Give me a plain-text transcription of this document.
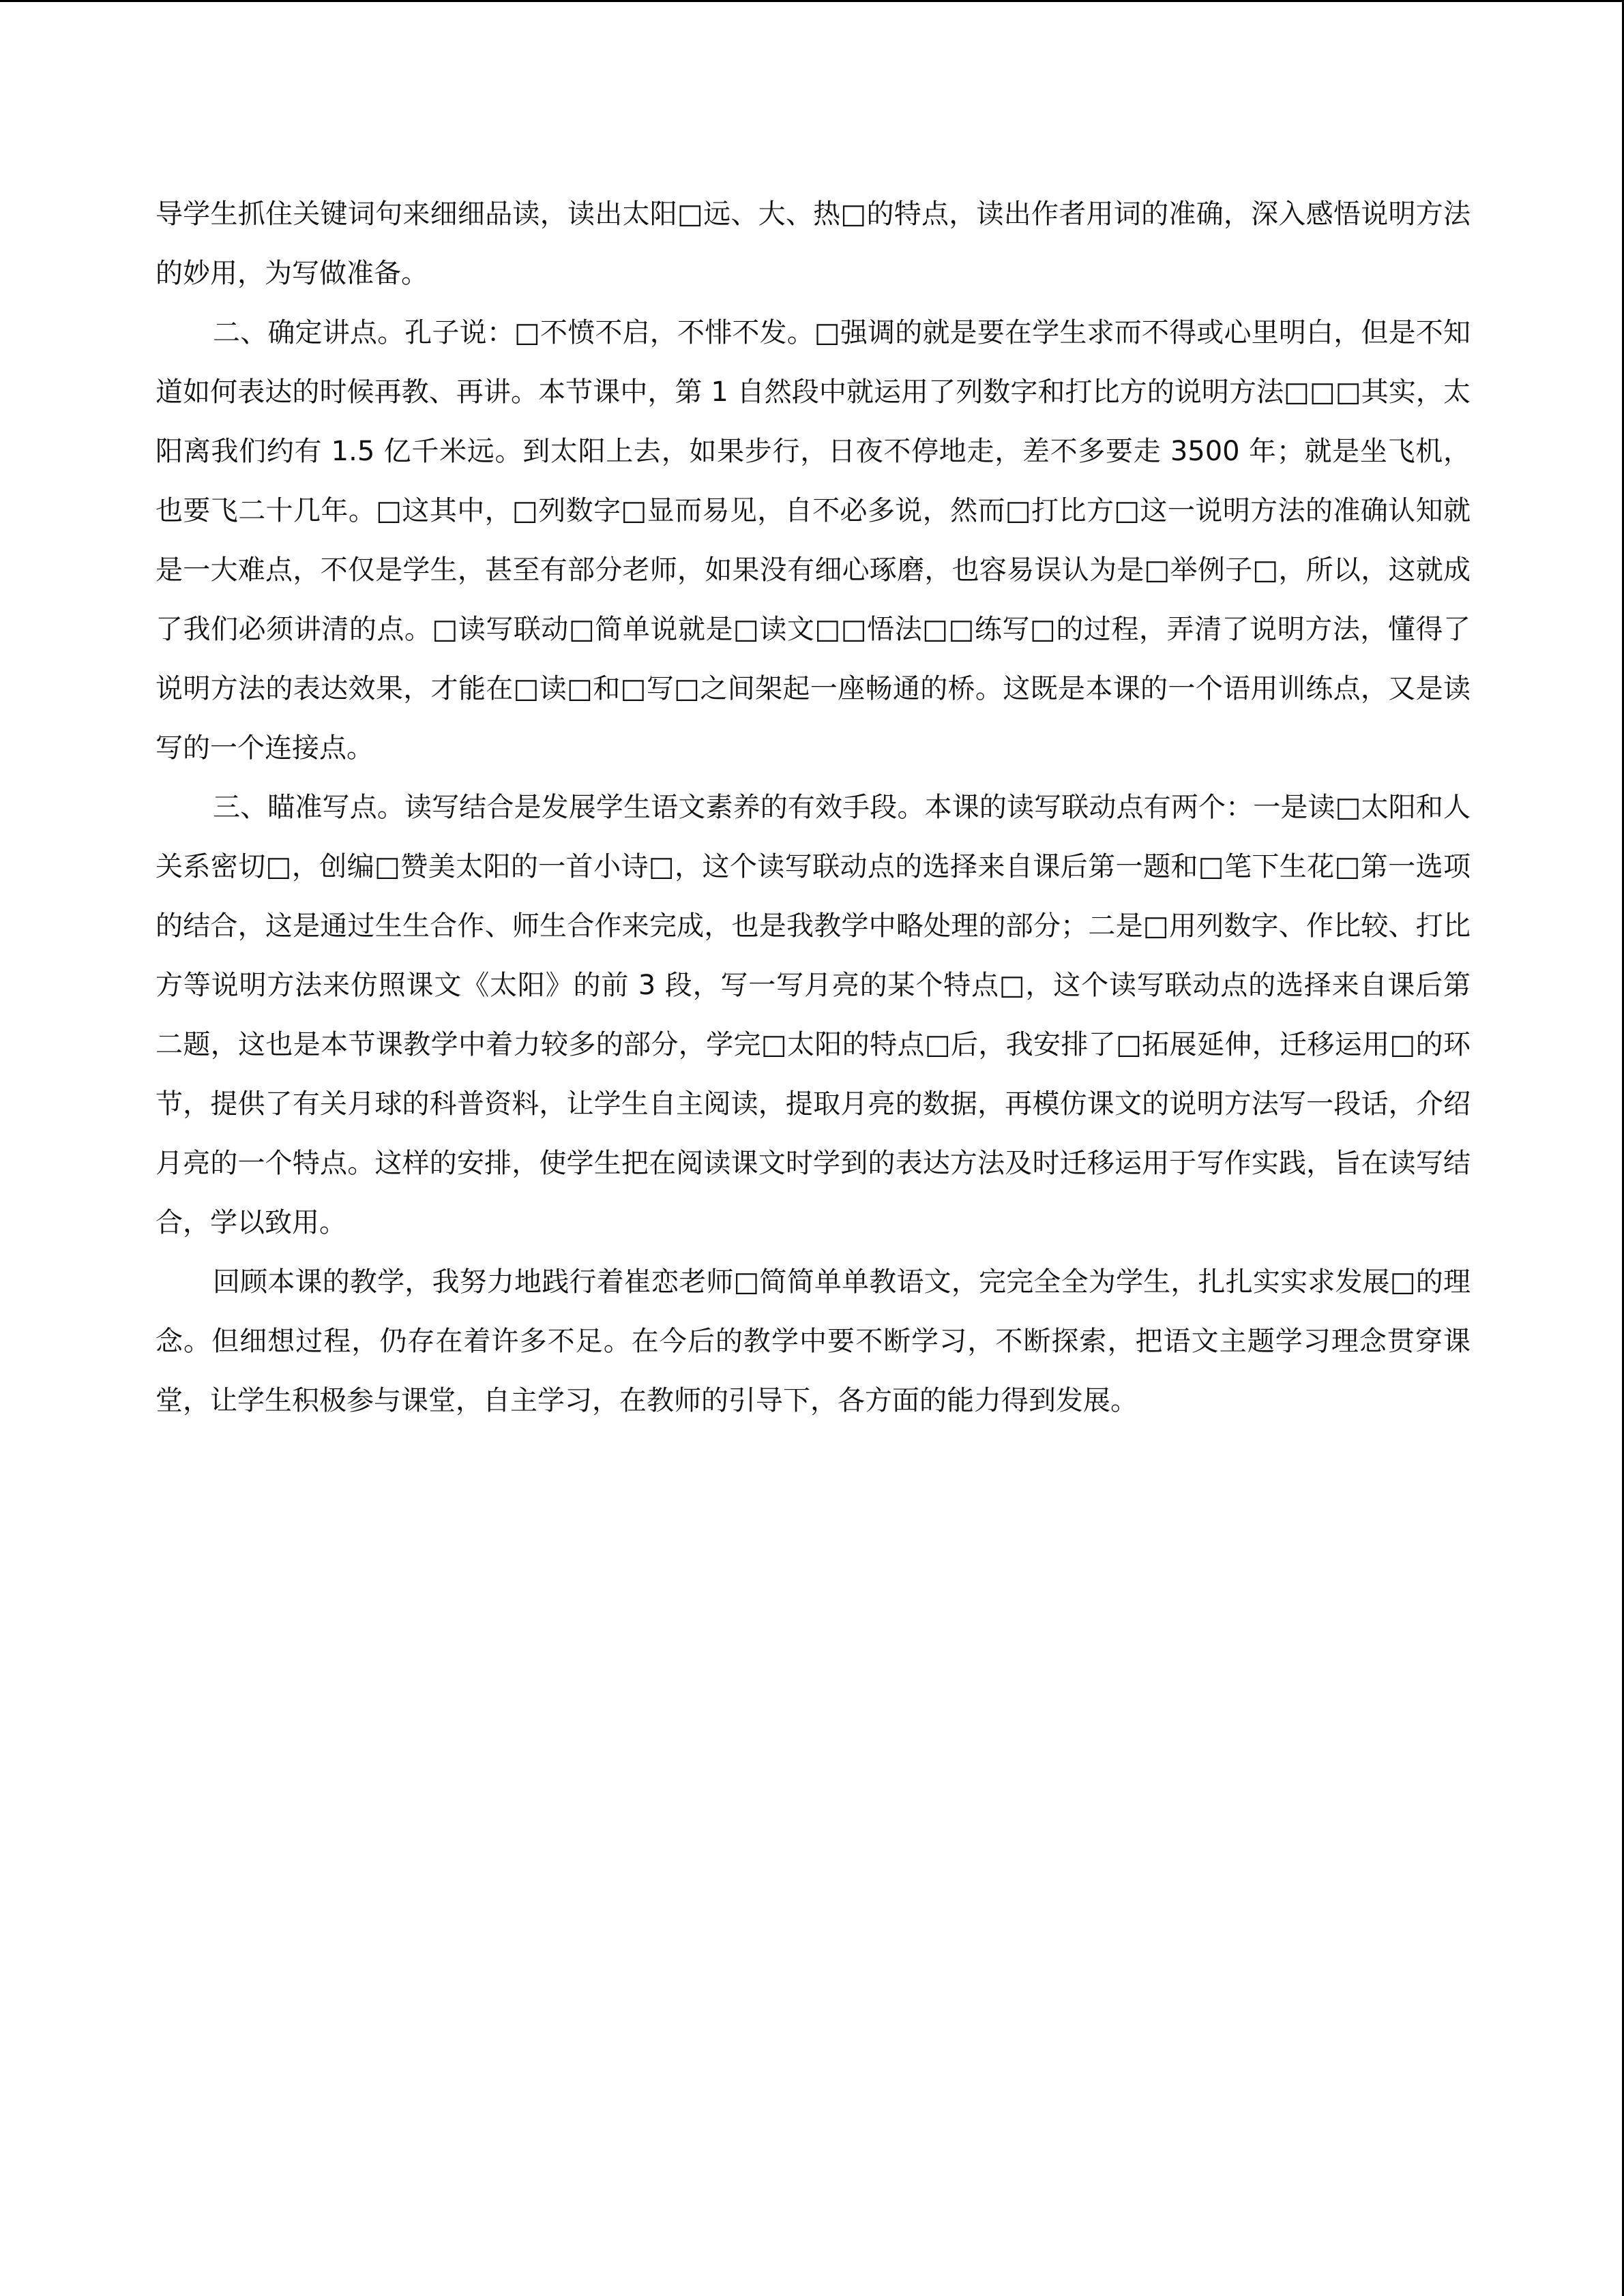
导学生抓住关键词句来细细品读，读出太阳□远、大、热□的特点，读出作者用词的准确，深入感悟说明方法的妙用，为写做准备。

二、确定讲点。孔子说：□不愤不启，不悱不发。□强调的就是要在学生求而不得或心里明白，但是不知道如何表达的时候再教、再讲。本节课中，第 1 自然段中就运用了列数字和打比方的说明方法□□□其实，太阳离我们约有 1.5 亿千米远。到太阳上去，如果步行，日夜不停地走，差不多要走 3500 年；就是坐飞机，也要飞二十几年。□这其中，□列数字□显而易见，自不必多说，然而□打比方□这一说明方法的准确认知就是一大难点，不仅是学生，甚至有部分老师，如果没有细心琢磨，也容易误认为是□举例子□，所以，这就成了我们必须讲清的点。□读写联动□简单说就是□读文□□悟法□□练写□的过程，弄清了说明方法，懂得了说明方法的表达效果，才能在□读□和□写□之间架起一座畅通的桥。这既是本课的一个语用训练点，又是读写的一个连接点。

三、瞄准写点。读写结合是发展学生语文素养的有效手段。本课的读写联动点有两个：一是读□太阳和人关系密切□，创编□赞美太阳的一首小诗□，这个读写联动点的选择来自课后第一题和□笔下生花□第一选项的结合，这是通过生生合作、师生合作来完成，也是我教学中略处理的部分；二是□用列数字、作比较、打比方等说明方法来仿照课文《太阳》的前 3 段，写一写月亮的某个特点□，这个读写联动点的选择来自课后第二题，这也是本节课教学中着力较多的部分，学完□太阳的特点□后，我安排了□拓展延伸，迁移运用□的环节，提供了有关月球的科普资料，让学生自主阅读，提取月亮的数据，再模仿课文的说明方法写一段话，介绍月亮的一个特点。这样的安排，使学生把在阅读课文时学到的表达方法及时迁移运用于写作实践，旨在读写结合，学以致用。

回顾本课的教学，我努力地践行着崔恋老师□简简单单教语文，完完全全为学生，扎扎实实求发展□的理念。但细想过程，仍存在着许多不足。在今后的教学中要不断学习，不断探索，把语文主题学习理念贯穿课堂，让学生积极参与课堂，自主学习，在教师的引导下，各方面的能力得到发展。
